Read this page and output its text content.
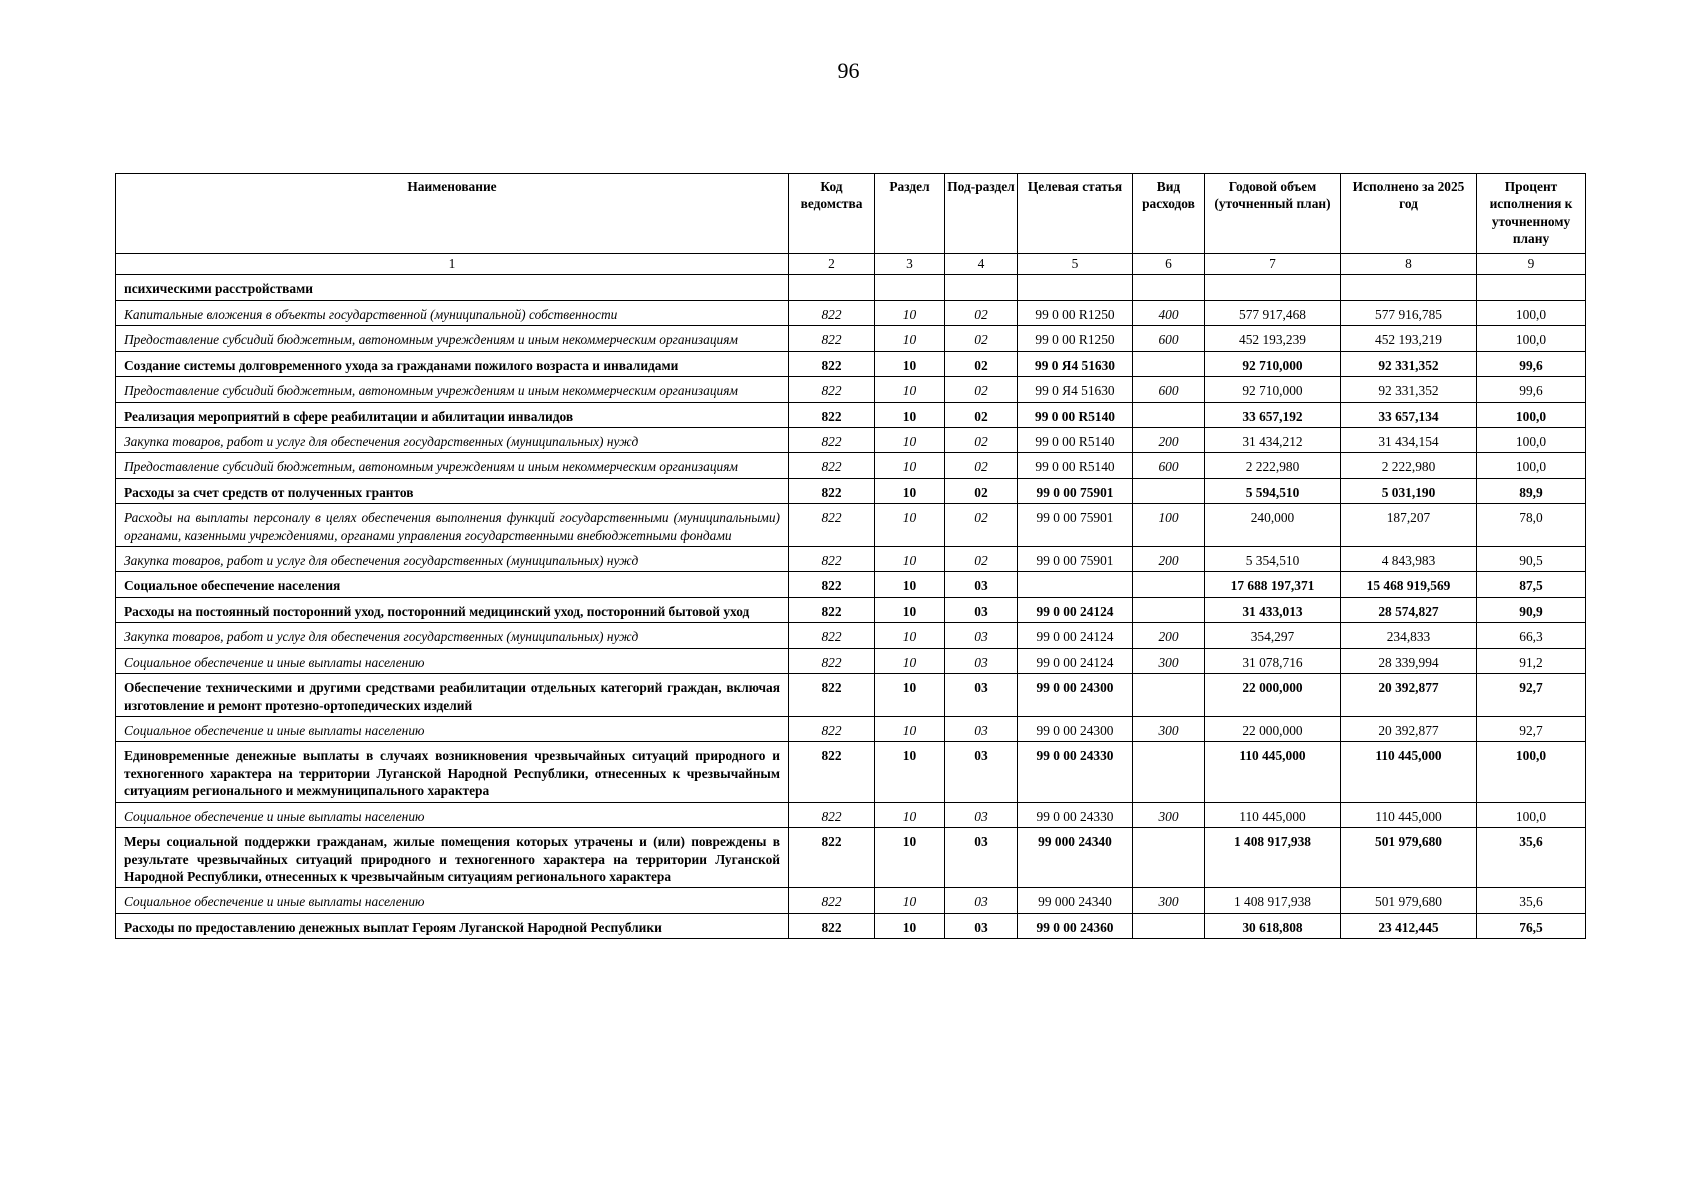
96
Наименование	Код ведомства	Раздел	Под-раздел	Целевая статья	Вид расходов	Годовой объем (уточненный план)	Исполнено за 2025 год	Процент исполнения к уточненному плану
1	2	3	4	5	6	7	8	9
психическими расстройствами								
Капитальные вложения в объекты государственной (муниципальной) собственности	822	10	02	99 0 00 R1250	400	577 917,468	577 916,785	100,0
Предоставление субсидий бюджетным, автономным учреждениям и иным некоммерческим организациям	822	10	02	99 0 00 R1250	600	452 193,239	452 193,219	100,0
Создание системы долговременного ухода за гражданами пожилого возраста и инвалидами	822	10	02	99 0 Я4 51630		92 710,000	92 331,352	99,6
Предоставление субсидий бюджетным, автономным учреждениям и иным некоммерческим организациям	822	10	02	99 0 Я4 51630	600	92 710,000	92 331,352	99,6
Реализация мероприятий в сфере реабилитации и абилитации инвалидов	822	10	02	99 0 00 R5140		33 657,192	33 657,134	100,0
Закупка товаров, работ и услуг для обеспечения государственных (муниципальных) нужд	822	10	02	99 0 00 R5140	200	31 434,212	31 434,154	100,0
Предоставление субсидий бюджетным, автономным учреждениям и иным некоммерческим организациям	822	10	02	99 0 00 R5140	600	2 222,980	2 222,980	100,0
Расходы за счет средств от полученных грантов	822	10	02	99 0 00 75901		5 594,510	5 031,190	89,9
Расходы на выплаты персоналу в целях обеспечения выполнения функций государственными (муниципальными) органами, казенными учреждениями, органами управления государственными внебюджетными фондами	822	10	02	99 0 00 75901	100	240,000	187,207	78,0
Закупка товаров, работ и услуг для обеспечения государственных (муниципальных) нужд	822	10	02	99 0 00 75901	200	5 354,510	4 843,983	90,5
Социальное обеспечение населения	822	10	03			17 688 197,371	15 468 919,569	87,5
Расходы на постоянный посторонний уход, посторонний медицинский уход, посторонний бытовой уход	822	10	03	99 0 00 24124		31 433,013	28 574,827	90,9
Закупка товаров, работ и услуг для обеспечения государственных (муниципальных) нужд	822	10	03	99 0 00 24124	200	354,297	234,833	66,3
Социальное обеспечение и иные выплаты населению	822	10	03	99 0 00 24124	300	31 078,716	28 339,994	91,2
Обеспечение техническими и другими средствами реабилитации отдельных категорий граждан, включая изготовление и ремонт протезно-ортопедических изделий	822	10	03	99 0 00 24300		22 000,000	20 392,877	92,7
Социальное обеспечение и иные выплаты населению	822	10	03	99 0 00 24300	300	22 000,000	20 392,877	92,7
Единовременные денежные выплаты в случаях возникновения чрезвычайных ситуаций природного и техногенного характера на территории Луганской Народной Республики, отнесенных к чрезвычайным ситуациям регионального и межмуниципального характера	822	10	03	99 0 00 24330		110 445,000	110 445,000	100,0
Социальное обеспечение и иные выплаты населению	822	10	03	99 0 00 24330	300	110 445,000	110 445,000	100,0
Меры социальной поддержки гражданам, жилые помещения которых утрачены и (или) повреждены в результате чрезвычайных ситуаций природного и техногенного характера на территории Луганской Народной Республики, отнесенных к чрезвычайным ситуациям регионального характера	822	10	03	99 000 24340		1 408 917,938	501 979,680	35,6
Социальное обеспечение и иные выплаты населению	822	10	03	99 000 24340	300	1 408 917,938	501 979,680	35,6
Расходы по предоставлению денежных выплат Героям Луганской Народной Республики	822	10	03	99 0 00 24360		30 618,808	23 412,445	76,5
